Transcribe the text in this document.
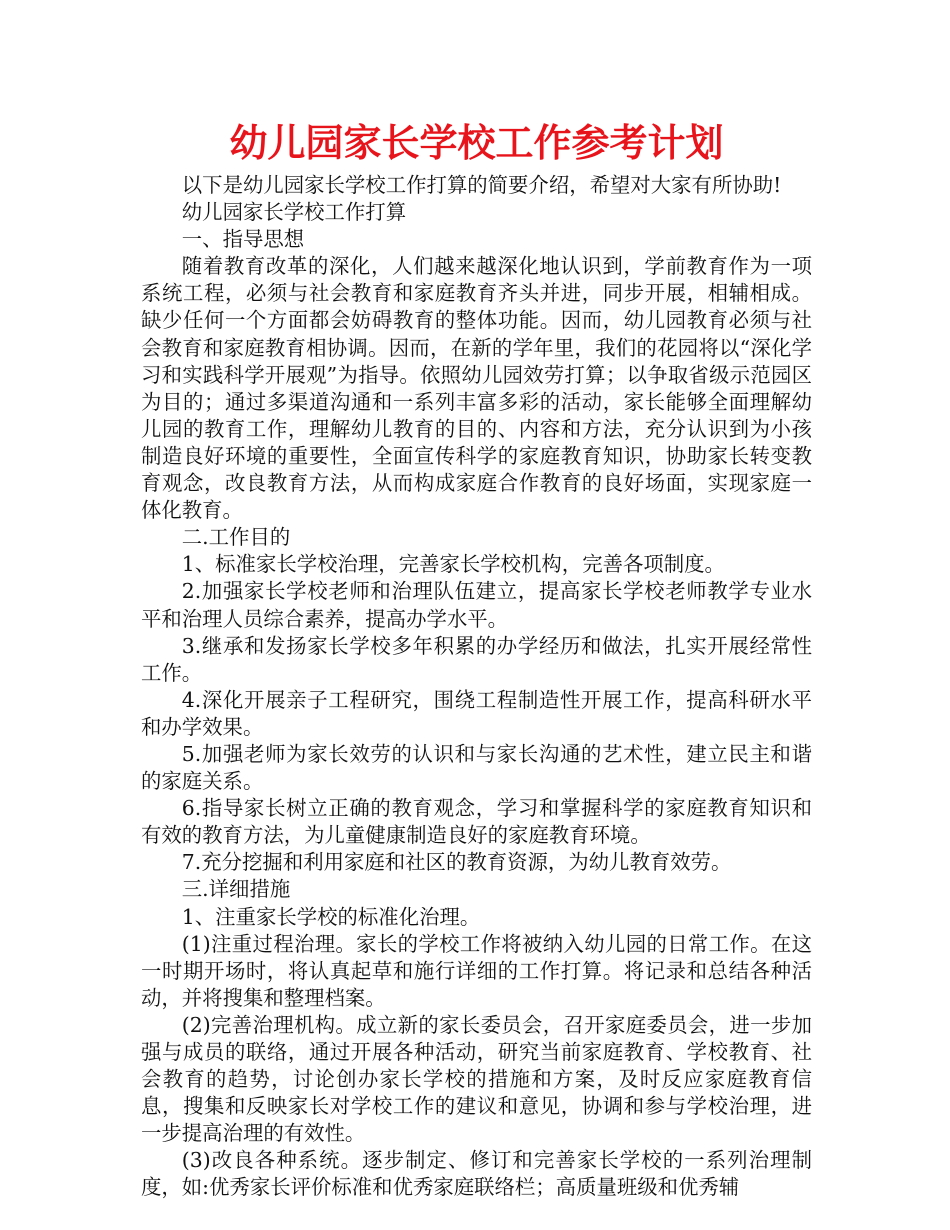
幼儿园家长学校工作参考计划

以下是幼儿园家长学校工作打算的简要介绍，希望对大家有所协助!

幼儿园家长学校工作打算

一、指导思想

随着教育改革的深化，人们越来越深化地认识到，学前教育作为一项系统工程，必须与社会教育和家庭教育齐头并进，同步开展，相辅相成。缺少任何一个方面都会妨碍教育的整体功能。因而，幼儿园教育必须与社会教育和家庭教育相协调。因而，在新的学年里，我们的花园将以“深化学习和实践科学开展观”为指导。依照幼儿园效劳打算；以争取省级示范园区为目的；通过多渠道沟通和一系列丰富多彩的活动，家长能够全面理解幼儿园的教育工作，理解幼儿教育的目的、内容和方法，充分认识到为小孩制造良好环境的重要性，全面宣传科学的家庭教育知识，协助家长转变教育观念，改良教育方法，从而构成家庭合作教育的良好场面，实现家庭一体化教育。

二.工作目的

1、标准家长学校治理，完善家长学校机构，完善各项制度。

2.加强家长学校老师和治理队伍建立，提高家长学校老师教学专业水平和治理人员综合素养，提高办学水平。

3.继承和发扬家长学校多年积累的办学经历和做法，扎实开展经常性工作。

4.深化开展亲子工程研究，围绕工程制造性开展工作，提高科研水平和办学效果。

5.加强老师为家长效劳的认识和与家长沟通的艺术性，建立民主和谐的家庭关系。

6.指导家长树立正确的教育观念，学习和掌握科学的家庭教育知识和有效的教育方法，为儿童健康制造良好的家庭教育环境。

7.充分挖掘和利用家庭和社区的教育资源，为幼儿教育效劳。

三.详细措施

1、注重家长学校的标准化治理。

(1)注重过程治理。家长的学校工作将被纳入幼儿园的日常工作。在这一时期开场时，将认真起草和施行详细的工作打算。将记录和总结各种活动，并将搜集和整理档案。

(2)完善治理机构。成立新的家长委员会，召开家庭委员会，进一步加强与成员的联络，通过开展各种活动，研究当前家庭教育、学校教育、社会教育的趋势，讨论创办家长学校的措施和方案，及时反应家庭教育信息，搜集和反映家长对学校工作的建议和意见，协调和参与学校治理，进一步提高治理的有效性。

(3)改良各种系统。逐步制定、修订和完善家长学校的一系列治理制度，如:优秀家长评价标准和优秀家庭联络栏；高质量班级和优秀辅
